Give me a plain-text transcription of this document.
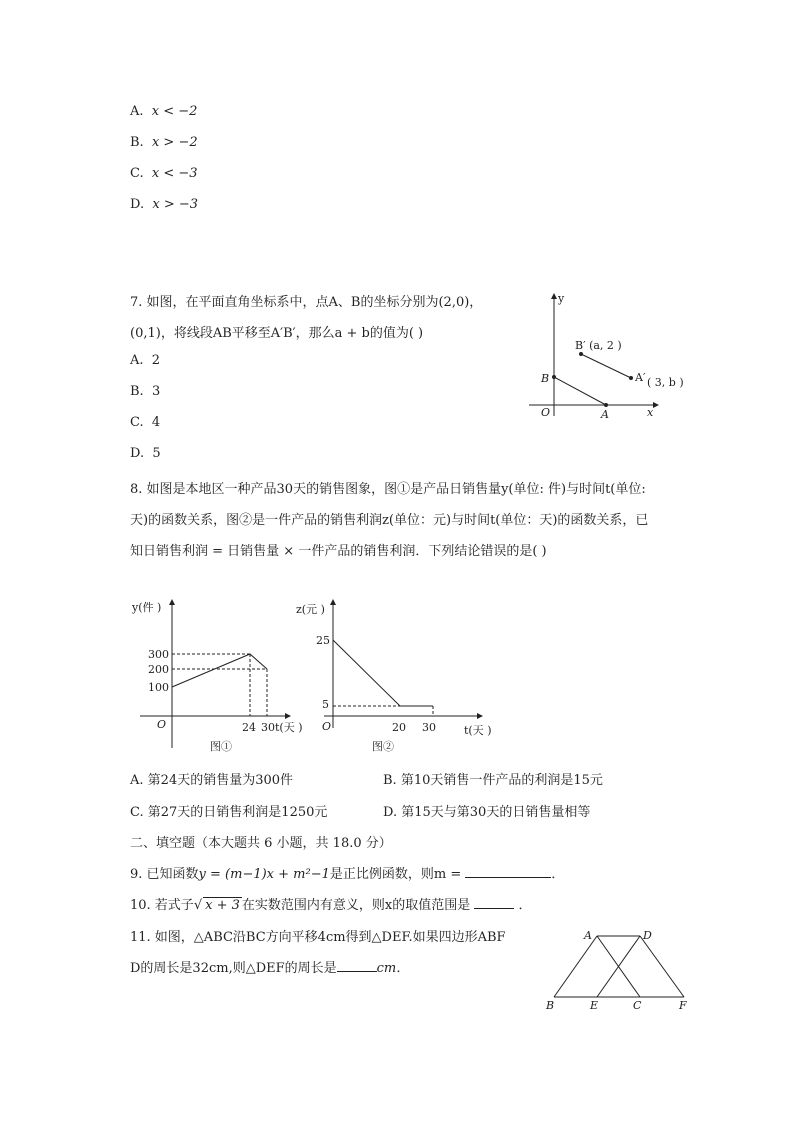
A. x < −2
B. x > −2
C. x < −3
D. x > −3
7. 如图，在平面直角坐标系中，点A、B的坐标分别为(2,0)，
(0,1)，将线段AB平移至A′B′，那么a + b的值为( )
A. 2
B. 3
C. 4
D. 5
y
x
O
B
A
B′ (a, 2 )
A′ ( 3, b )
8. 如图是本地区一种产品30天的销售图象，图①是产品日销售量y(单位: 件)与时间t(单位:
天)的函数关系，图②是一件产品的销售利润z(单位：元)与时间t(单位：天)的函数关系，已
知日销售利润 = 日销售量 × 一件产品的销售利润．下列结论错误的是( )
y(件 )
t(天 )
O
300
200
100
24 30
图①
z(元 )
t(天 )
O
25
5
20 30
图②
A. 第24天的销售量为300件	B. 第10天销售一件产品的利润是15元
C. 第27天的日销售利润是1250元	D. 第15天与第30天的日销售量相等
二、填空题（本大题共 6 小题，共 18.0 分）
9. 已知函数y = (m−1)x + m²−1是正比例函数，则m =	．
10. 若式子√ x + 3 在实数范围内有意义，则x的取值范围是	．
11. 如图，△ABC沿BC方向平移4cm得到△DEF.如果四边形ABF
D的周长是32cm,则△DEF的周长是	cm．
A	D
B	E	C	F
